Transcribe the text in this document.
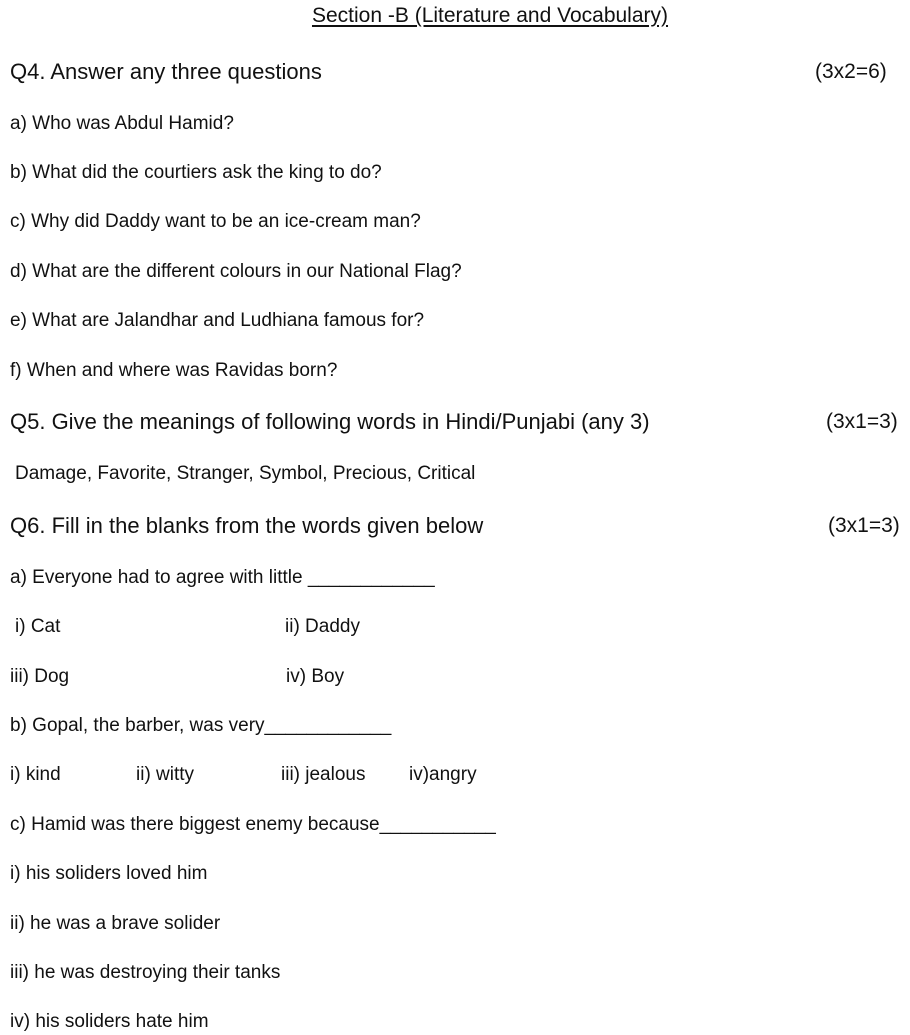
Section -B (Literature and Vocabulary)
Q4. Answer any three questions	(3x2=6)
a) Who was Abdul Hamid?
b) What did the courtiers ask the king to do?
c) Why did Daddy want to be an ice-cream man?
d) What are the different colours in our National Flag?
e) What are Jalandhar and Ludhiana famous for?
f) When and where was Ravidas born?
Q5. Give the meanings of following words in Hindi/Punjabi (any 3)	(3x1=3)
Damage, Favorite, Stranger, Symbol, Precious, Critical
Q6. Fill in the blanks from the words given below	(3x1=3)
a) Everyone had to agree with little ____________
i) Cat	ii) Daddy
iii) Dog	iv) Boy
b) Gopal, the barber, was very____________
i) kind	ii) witty	iii) jealous iv)angry
c) Hamid was there biggest enemy because___________
i) his soliders loved him
ii) he was a brave solider
iii) he was destroying their tanks
iv) his soliders hate him
